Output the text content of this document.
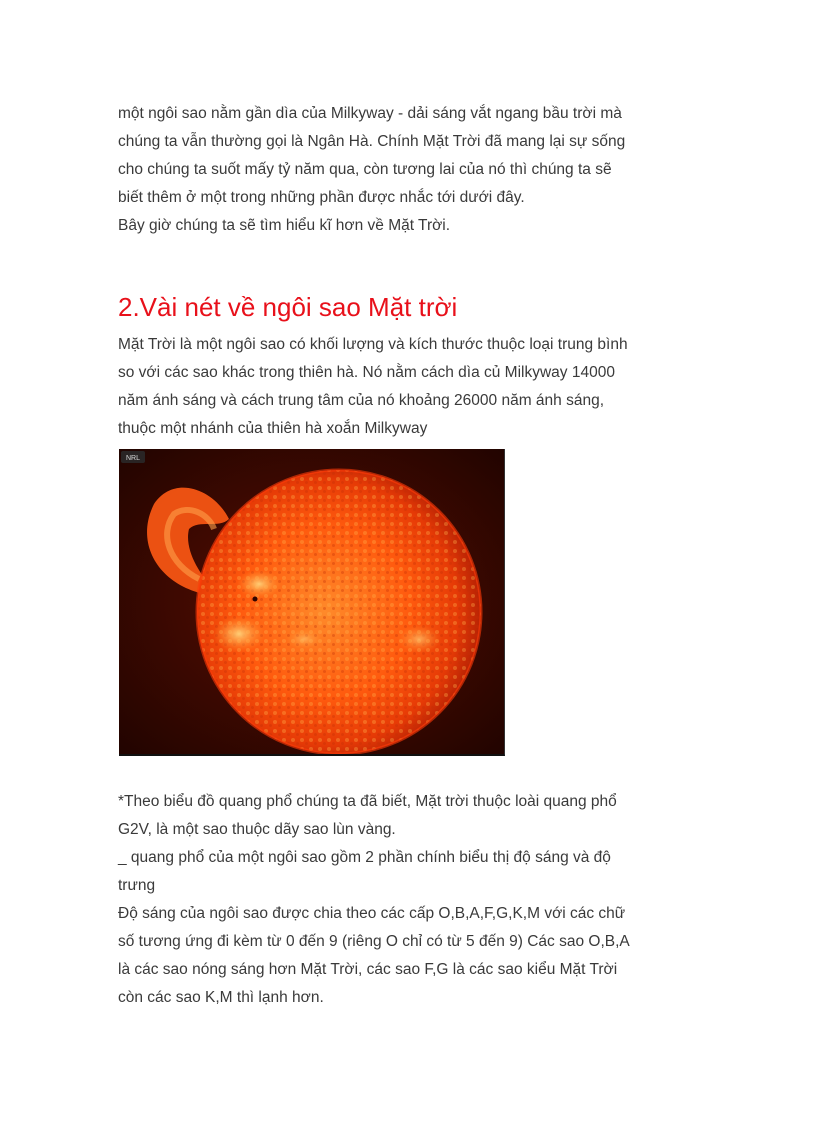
một ngôi sao nằm gần dìa của Milkyway - dải sáng vắt ngang bầu trời mà
chúng ta vẫn thường gọi là Ngân Hà. Chính Mặt Trời đã mang lại sự sống
cho chúng ta suốt mấy tỷ năm qua, còn tương lai của nó thì chúng ta sẽ
biết thêm ở một trong những phần được nhắc tới dưới đây.
Bây giờ chúng ta sẽ tìm hiểu kĩ hơn về Mặt Trời.
2.Vài nét về ngôi sao Mặt trời
Mặt Trời là một ngôi sao có khối lượng và kích thước thuộc loại trung bình
so với các sao khác trong thiên hà. Nó nằm cách dìa củ Milkyway 14000
năm ánh sáng và cách trung tâm của nó khoảng 26000 năm ánh sáng,
thuộc một nhánh của thiên hà xoắn Milkyway
NRL
*Theo biểu đồ quang phổ chúng ta đã biết, Mặt trời thuộc loài quang phổ
G2V, là một sao thuộc dãy sao lùn vàng.
_ quang phổ của một ngôi sao gồm 2 phần chính biểu thị độ sáng và độ
trưng
Độ sáng của ngôi sao được chia theo các cấp O,B,A,F,G,K,M với các chữ
số tương ứng đi kèm từ 0 đến 9 (riêng O chỉ có từ 5 đến 9) Các sao O,B,A
là các sao nóng sáng hơn Mặt Trời, các sao F,G là các sao kiểu Mặt Trời
còn các sao K,M thì lạnh hơn.
